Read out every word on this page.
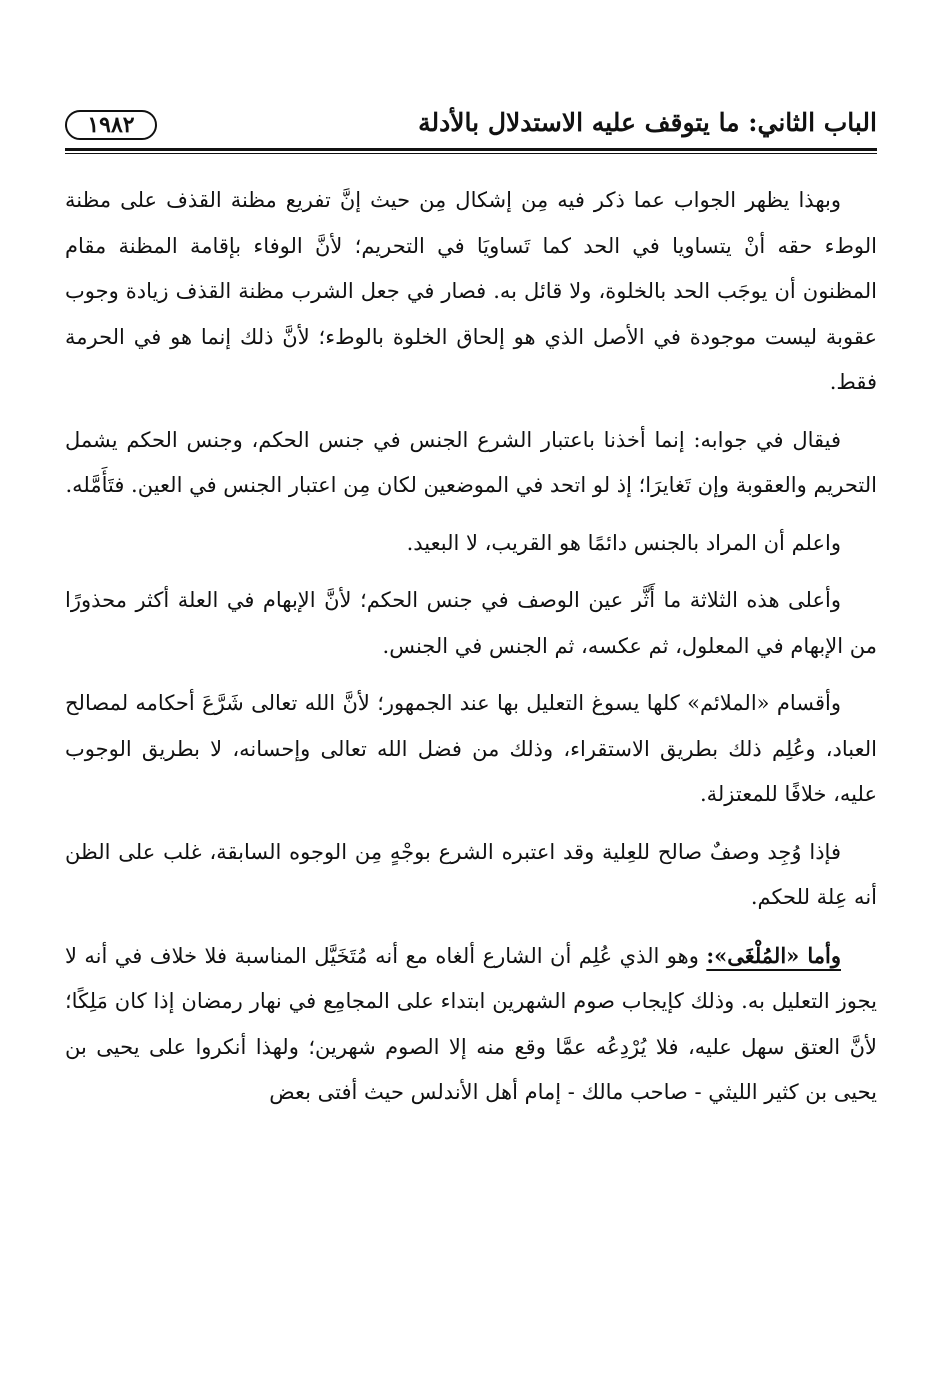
الباب الثاني: ما يتوقف عليه الاستدلال بالأدلة
١٩٨٢

وبهذا يظهر الجواب عما ذكر فيه مِن إشكال مِن حيث إنَّ تفريع مظنة القذف على مظنة الوطء حقه أنْ يتساويا في الحد كما تَساويَا في التحريم؛ لأنَّ الوفاء بإقامة المظنة مقام المظنون أن يوجَب الحد بالخلوة، ولا قائل به. فصار في جعل الشرب مظنة القذف زيادة وجوب عقوبة ليست موجودة في الأصل الذي هو إلحاق الخلوة بالوطء؛ لأنَّ ذلك إنما هو في الحرمة فقط.

فيقال في جوابه: إنما أخذنا باعتبار الشرع الجنس في جنس الحكم، وجنس الحكم يشمل التحريم والعقوبة وإن تَغايرَا؛ إذ لو اتحد في الموضعين لكان مِن اعتبار الجنس في العين. فتَأَمَّله.

واعلم أن المراد بالجنس دائمًا هو القريب، لا البعيد.

وأعلى هذه الثلاثة ما أَثَّر عين الوصف في جنس الحكم؛ لأنَّ الإبهام في العلة أكثر محذورًا من الإبهام في المعلول، ثم عكسه، ثم الجنس في الجنس.

وأقسام «الملائم» كلها يسوغ التعليل بها عند الجمهور؛ لأنَّ الله تعالى شَرَّعَ أحكامه لمصالح العباد، وعُلِم ذلك بطريق الاستقراء، وذلك من فضل الله تعالى وإحسانه، لا بطريق الوجوب عليه، خلافًا للمعتزلة.

فإذا وُجِد وصفٌ صالح للعِلية وقد اعتبره الشرع بوجْهٍ مِن الوجوه السابقة، غلب على الظن أنه عِلة للحكم.

وأما «المُلْغَى»: وهو الذي عُلِم أن الشارع ألغاه مع أنه مُتَخَيَّل المناسبة فلا خلاف في أنه لا يجوز التعليل به. وذلك كإيجاب صوم الشهرين ابتداء على المجامِع في نهار رمضان إذا كان مَلِكًا؛ لأنَّ العتق سهل عليه، فلا يُرْدِعُه عمَّا وقع منه إلا الصوم شهرين؛ ولهذا أنكروا على يحيى بن يحيى بن كثير الليثي - صاحب مالك - إمام أهل الأندلس حيث أفتى بعض
